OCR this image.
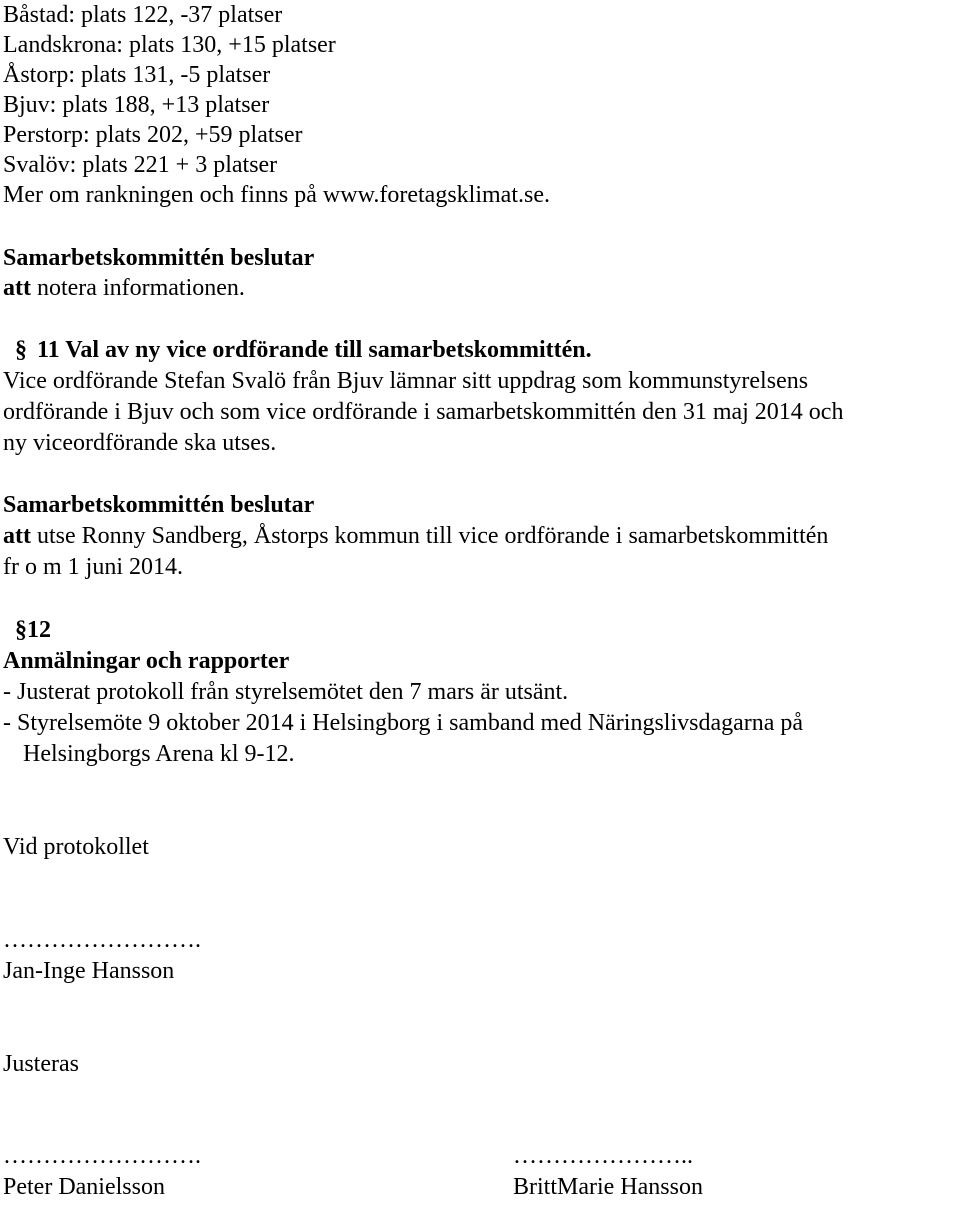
Båstad: plats 122, -37 platser
Landskrona: plats 130, +15 platser
Åstorp: plats 131, -5 platser
Bjuv: plats 188, +13 platser
Perstorp: plats 202, +59 platser
Svalöv: plats 221 + 3 platser
Mer om rankningen och finns på www.foretagsklimat.se.
Samarbetskommittén beslutar
att notera informationen.
§ 11 Val av ny vice ordförande till samarbetskommittén.
Vice ordförande Stefan Svalö från Bjuv lämnar sitt uppdrag som kommunstyrelsens
ordförande i Bjuv och som vice ordförande i samarbetskommittén den 31 maj 2014 och
ny viceordförande ska utses.
Samarbetskommittén beslutar
att utse Ronny Sandberg, Åstorps kommun till vice ordförande i samarbetskommittén
fr o m 1 juni 2014.
§12
Anmälningar och rapporter
- Justerat protokoll från styrelsemötet den 7 mars är utsänt.
- Styrelsemöte 9 oktober 2014 i Helsingborg i samband med Näringslivsdagarna på
Helsingborgs Arena kl 9-12.
Vid protokollet
…………………….
Jan-Inge Hansson
Justeras
…………………….	…………………..
Peter Danielsson	BrittMarie Hansson
